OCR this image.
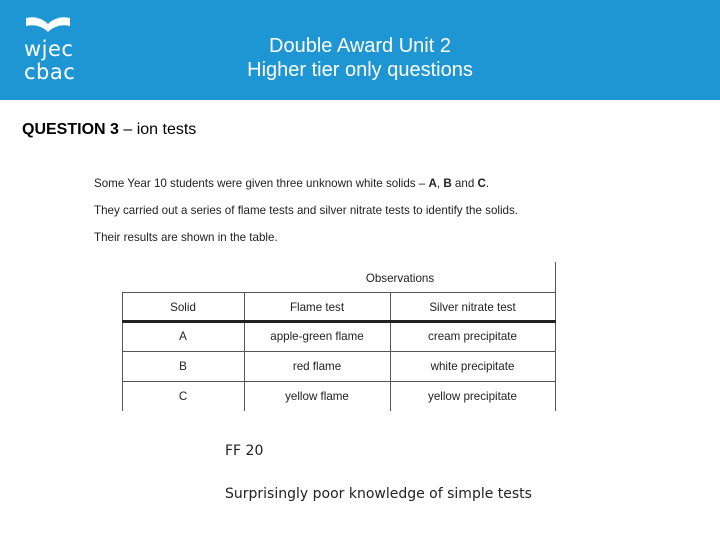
wjec
cbac
Double Award Unit 2
Higher tier only questions
QUESTION 3 – ion tests
Some Year 10 students were given three unknown white solids – A, B and C.
They carried out a series of flame tests and silver nitrate tests to identify the solids.
Their results are shown in the table.
Observations
Solid	Flame test	Silver nitrate test
A	apple-green flame	cream precipitate
B	red flame	white precipitate
C	yellow flame	yellow precipitate
FF 20
Surprisingly poor knowledge of simple tests
